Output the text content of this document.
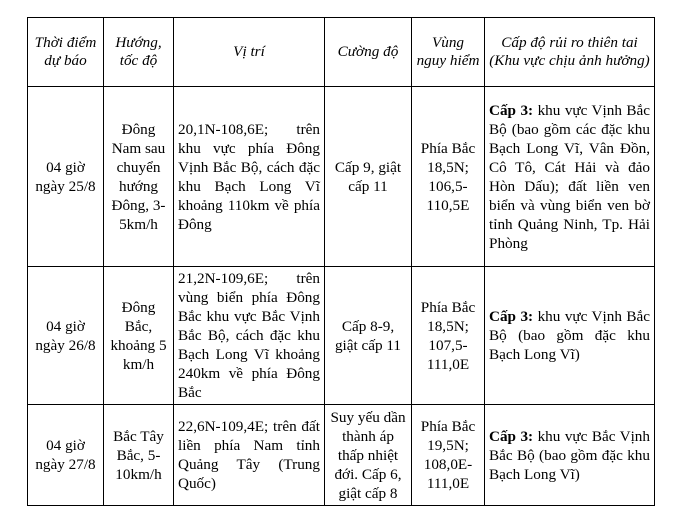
Thời điểm dự báo	Hướng, tốc độ	Vị trí	Cường độ	Vùng nguy hiểm	Cấp độ rủi ro thiên tai (Khu vực chịu ảnh hưởng)
04 giờ ngày 25/8	Đông Nam sau chuyển hướng Đông, 3-5km/h	20,1N-108,6E; trên khu vực phía Đông Vịnh Bắc Bộ, cách đặc khu Bạch Long Vĩ khoảng 110km về phía Đông	Cấp 9, giật cấp 11	Phía Bắc 18,5N; 106,5-110,5E	Cấp 3: khu vực Vịnh Bắc Bộ (bao gồm các đặc khu Bạch Long Vĩ, Vân Đồn, Cô Tô, Cát Hải và đảo Hòn Dấu); đất liền ven biển và vùng biển ven bờ tỉnh Quảng Ninh, Tp. Hải Phòng
04 giờ ngày 26/8	Đông Bắc, khoảng 5 km/h	21,2N-109,6E; trên vùng biển phía Đông Bắc khu vực Bắc Vịnh Bắc Bộ, cách đặc khu Bạch Long Vĩ khoảng 240km về phía Đông Bắc	Cấp 8-9, giật cấp 11	Phía Bắc 18,5N; 107,5-111,0E	Cấp 3: khu vực Vịnh Bắc Bộ (bao gồm đặc khu Bạch Long Vĩ)
04 giờ ngày 27/8	Bắc Tây Bắc, 5-10km/h	22,6N-109,4E; trên đất liền phía Nam tỉnh Quảng Tây (Trung Quốc)	Suy yếu dần thành áp thấp nhiệt đới. Cấp 6, giật cấp 8	Phía Bắc 19,5N; 108,0E-111,0E	Cấp 3: khu vực Bắc Vịnh Bắc Bộ (bao gồm đặc khu Bạch Long Vĩ)
